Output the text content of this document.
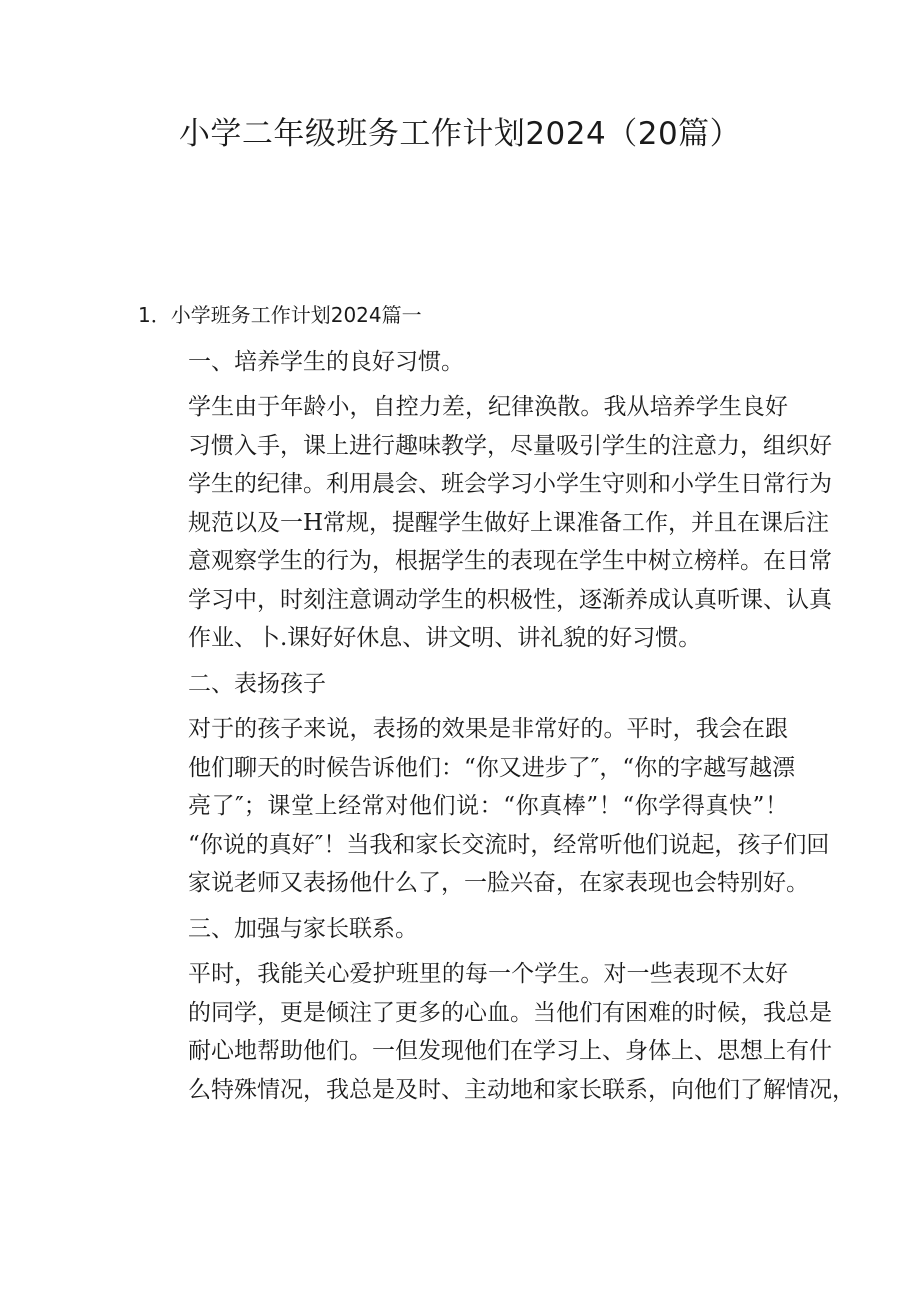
小学二年级班务工作计划2024（20篇）
1．小学班务工作计划2024篇一
一、培养学生的良好习惯。
学生由于年龄小，自控力差，纪律涣散。我从培养学生良好
习惯入手，课上进行趣味教学，尽量吸引学生的注意力，组织好
学生的纪律。利用晨会、班会学习小学生守则和小学生日常行为
规范以及一H常规，提醒学生做好上课准备工作，并且在课后注
意观察学生的行为，根据学生的表现在学生中树立榜样。在日常
学习中，时刻注意调动学生的枳极性，逐渐养成认真听课、认真
作业、卜.课好好休息、讲文明、讲礼貌的好习惯。
二、表扬孩子
对于的孩子来说，表扬的效果是非常好的。平时，我会在跟
他们聊天的时候告诉他们：“你又进步了″，“你的字越写越漂
亮了″；课堂上经常对他们说：“你真棒”！“你学得真快”！
“你说的真好″！当我和家长交流时，经常听他们说起，孩子们回
家说老师又表扬他什么了，一脸兴奋，在家表现也会特别好。
三、加强与家长联系。
平时，我能关心爱护班里的每一个学生。对一些表现不太好
的同学，更是倾注了更多的心血。当他们有困难的时候，我总是
耐心地帮助他们。一但发现他们在学习上、身体上、思想上有什
么特殊情况，我总是及时、主动地和家长联系，向他们了解情况，
